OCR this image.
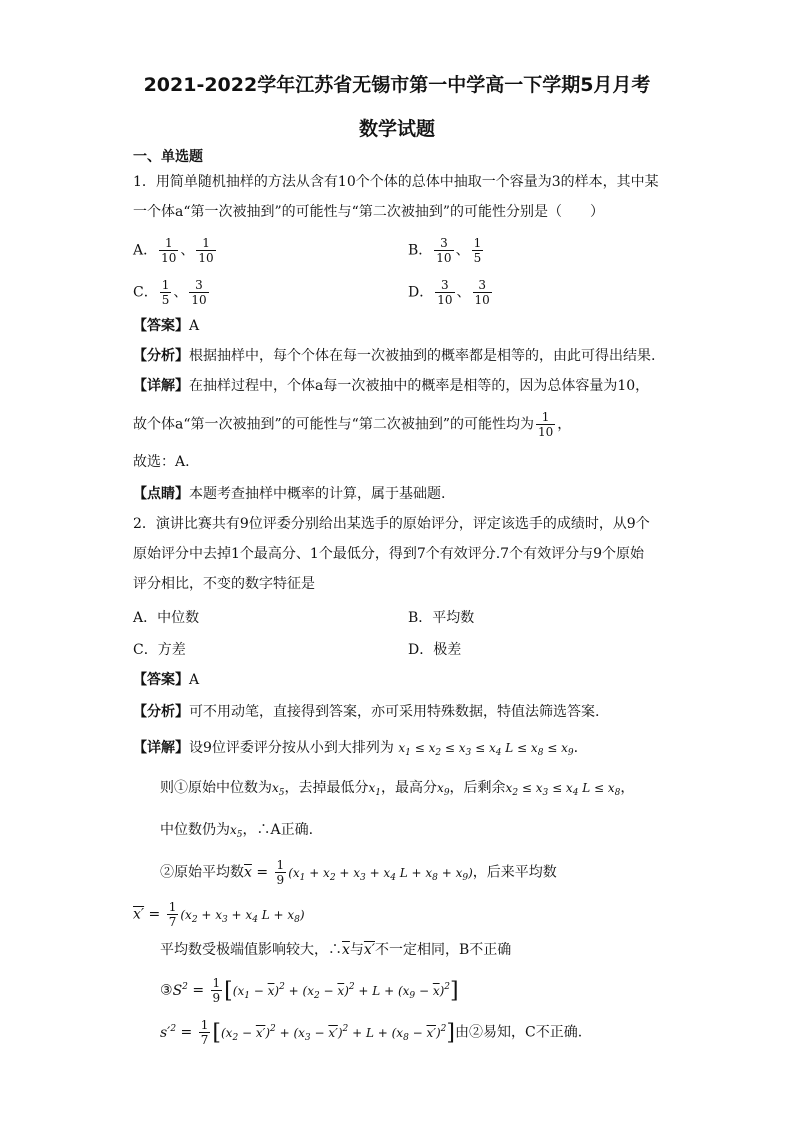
2021-2022学年江苏省无锡市第一中学高一下学期5月月考
数学试题
一、单选题
1．用简单随机抽样的方法从含有10个个体的总体中抽取一个容量为3的样本，其中某
一个体a“第一次被抽到”的可能性与“第二次被抽到”的可能性分别是（　　）
A． $\frac{1}{10}$ 、 $\frac{1}{10}$	B． $\frac{3}{10}$ 、 $\frac{1}{5}$
C． $\frac{1}{5}$ 、 $\frac{3}{10}$	D． $\frac{3}{10}$ 、 $\frac{3}{10}$
【答案】A
【分析】根据抽样中，每个个体在每一次被抽到的概率都是相等的，由此可得出结果.
【详解】在抽样过程中，个体a每一次被抽中的概率是相等的，因为总体容量为10，
故个体a“第一次被抽到”的可能性与“第二次被抽到”的可能性均为 $\frac{1}{10}$ ，
故选：A.
【点睛】本题考查抽样中概率的计算，属于基础题.
2．演讲比赛共有9位评委分别给出某选手的原始评分，评定该选手的成绩时，从9个
原始评分中去掉1个最高分、1个最低分，得到7个有效评分.7个有效评分与9个原始
评分相比，不变的数字特征是
A．中位数	B．平均数
C．方差	D．极差
【答案】A
【分析】可不用动笔，直接得到答案，亦可采用特殊数据，特值法筛选答案.
【详解】设9位评委评分按从小到大排列为 $x_1 \le x_2 \le x_3 \le x_4$ $L \le x_8 \le x_9$.
则①原始中位数为$x_5$，去掉最低分$x_1$，最高分$x_9$，后剩余$x_2 \le x_3 \le x_4$ $L \le x_8$，
中位数仍为$x_5$，∴A正确.
②原始平均数$\overline{x} = \frac{1}{9} (x_1 + x_2 + x_3 + x_4$ $L + x_8 + x_9$)，后来平均数
$x' = \frac{1}{7} (x_2 + x_3 + x_4$ $L + x_8$)
平均数受极端值影响较大，$\therefore\overline{x}$与x′不一定相同，B不正确
$③S^2 = \frac{1}{9} [(x_1 - \overline{x})^2 + (x_2 - \overline{x})^2 + L + (x_9 - \overline{x})^2]$
$s'^2 = \frac{1}{7} [(x_2 - x')^2 + (x_3 - x')^2 + L + (x_8 - x')^2]$由②易知，C不正确.
